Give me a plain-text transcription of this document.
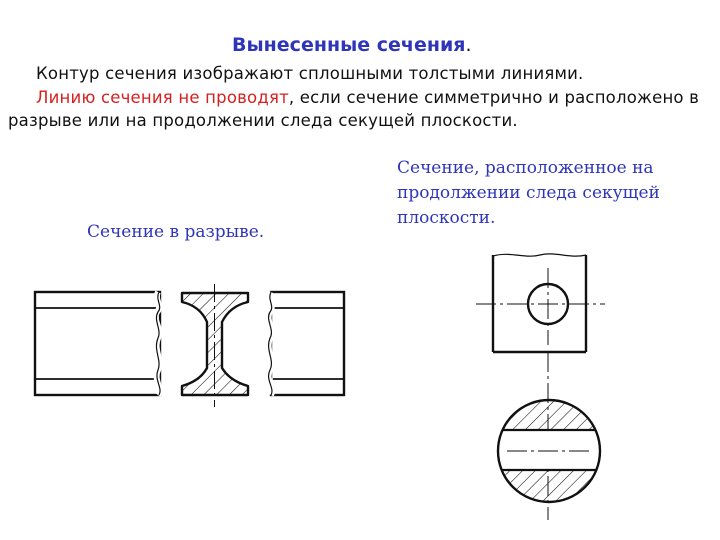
Вынесенные сечения.

Контур сечения изображают сплошными толстыми линиями.
Линию сечения не проводят, если сечение симметрично и расположено в разрыве или на продолжении следа секущей плоскости.

Сечение, расположенное на продолжении следа секущей плоскости.
Сечение в разрыве.
